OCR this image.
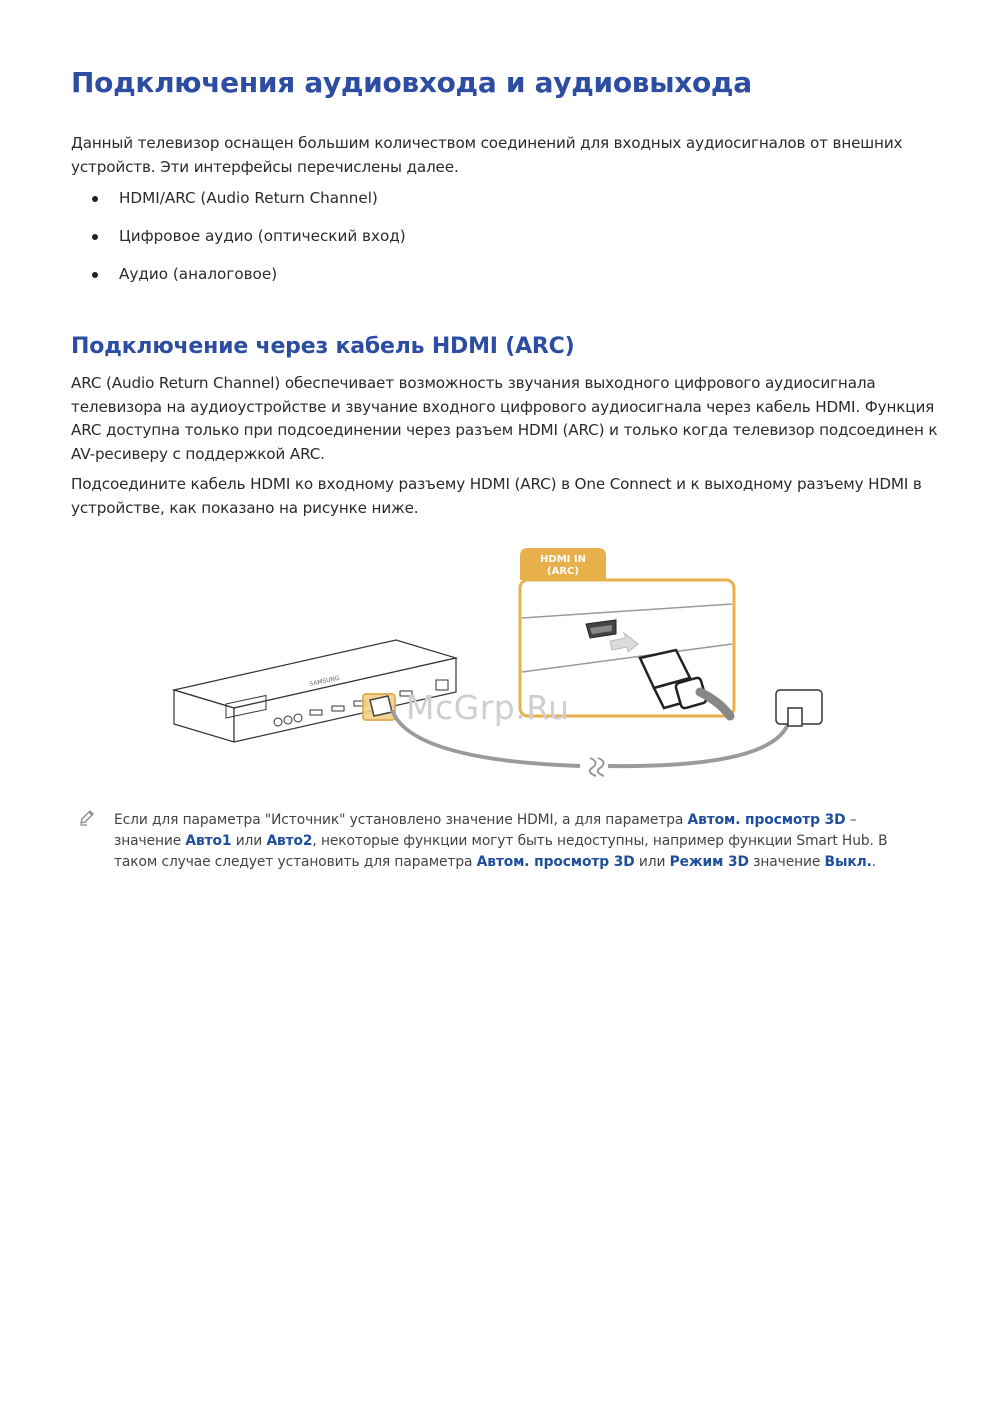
Подключения аудиовхода и аудиовыхода

Данный телевизор оснащен большим количеством соединений для входных аудиосигналов от внешних устройств. Эти интерфейсы перечислены далее.

HDMI/ARC (Audio Return Channel)
Цифровое аудио (оптический вход)
Аудио (аналоговое)
Подключение через кабель HDMI (ARC)

ARC (Audio Return Channel) обеспечивает возможность звучания выходного цифрового аудиосигнала телевизора на аудиоустройстве и звучание входного цифрового аудиосигнала через кабель HDMI. Функция ARC доступна только при подсоединении через разъем HDMI (ARC) и только когда телевизор подсоединен к AV-ресиверу с поддержкой ARC.

Подсоедините кабель HDMI ко входному разъему HDMI (ARC) в One Connect и к выходному разъему HDMI в устройстве, как показано на рисунке ниже.

HDMI IN
(ARC)
SAMSUNG
McGrp.Ru

Если для параметра "Источник" установлено значение HDMI, а для параметра Автом. просмотр 3D – значение Авто1 или Авто2, некоторые функции могут быть недоступны, например функции Smart Hub. В таком случае следует установить для параметра Автом. просмотр 3D или Режим 3D значение Выкл..
